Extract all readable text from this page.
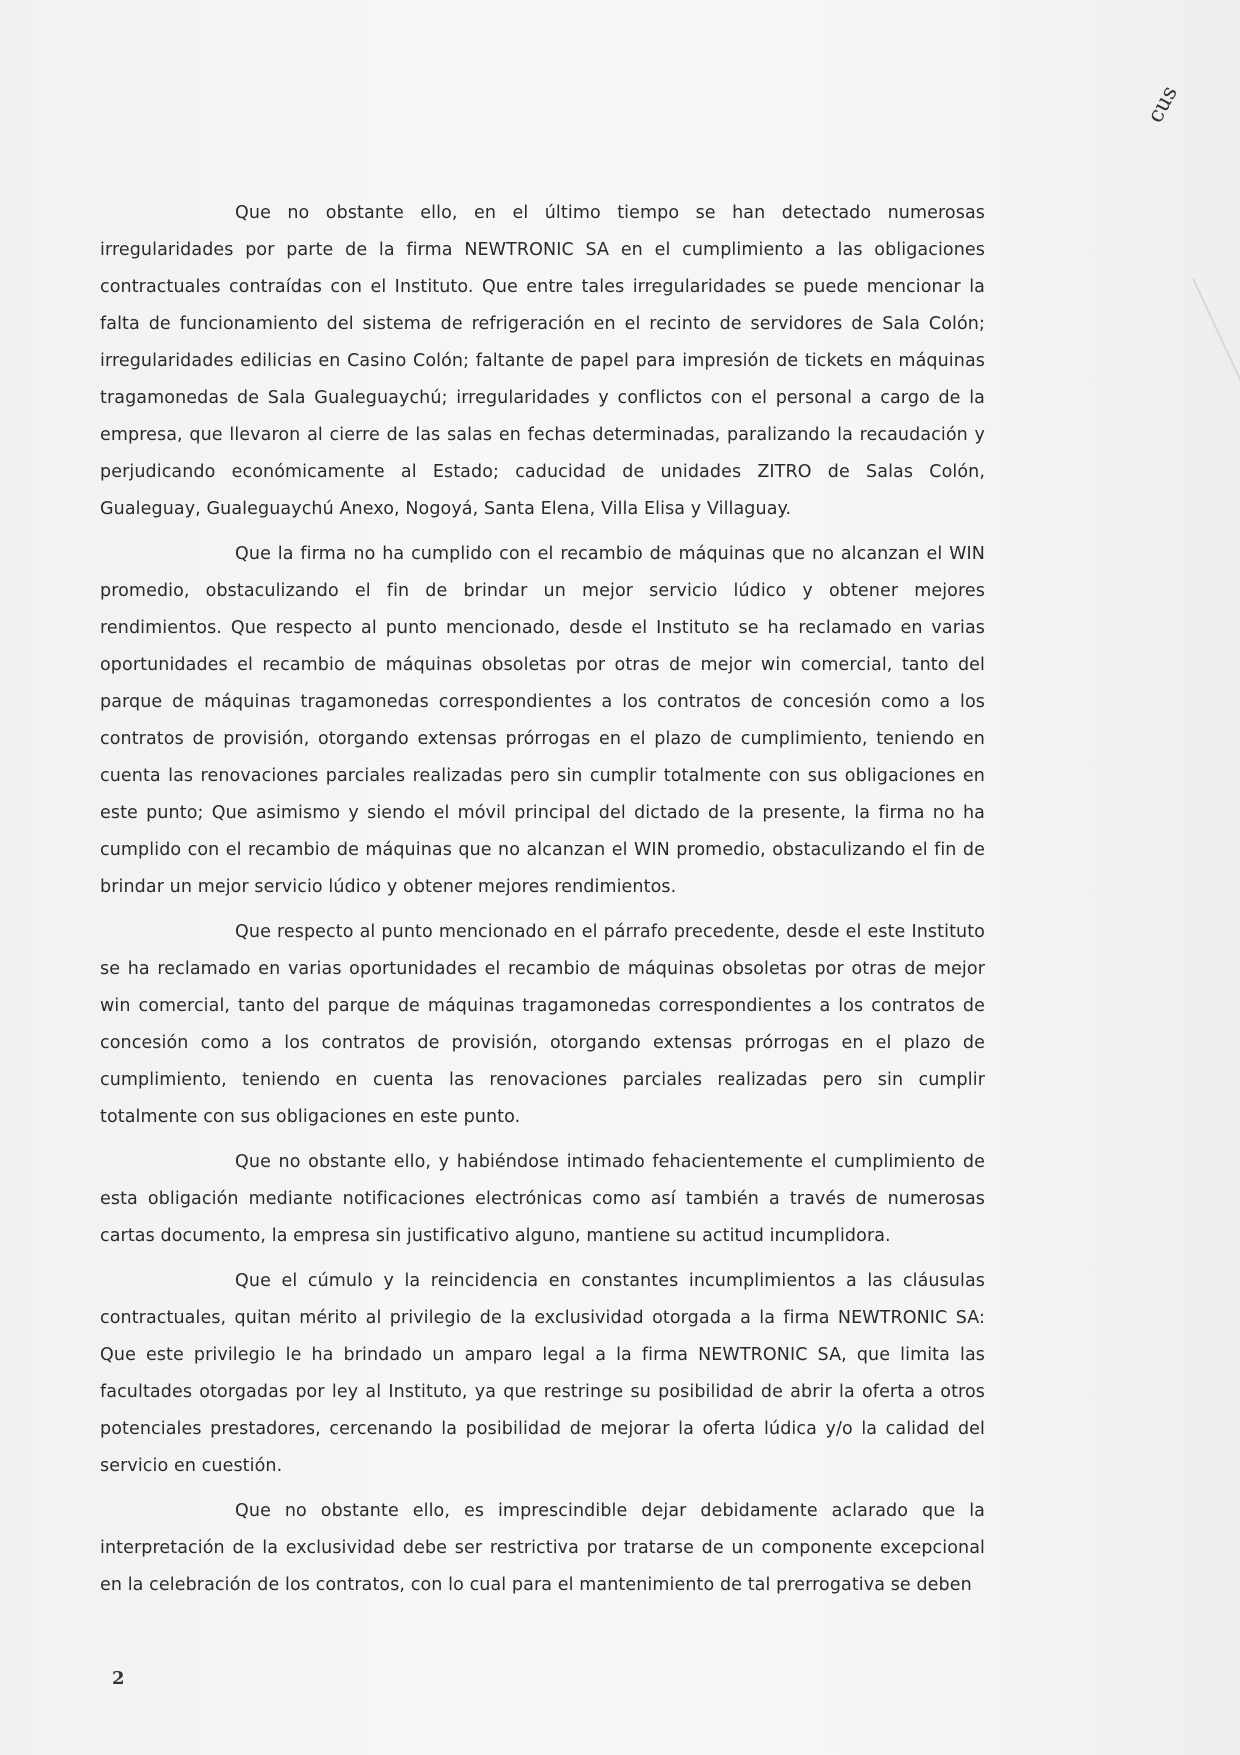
cus

Que no obstante ello, en el último tiempo se han detectado numerosas irregularidades por parte de la firma NEWTRONIC SA en el cumplimiento a las obligaciones contractuales contraídas con el Instituto. Que entre tales irregularidades se puede mencionar la falta de funcionamiento del sistema de refrigeración en el recinto de servidores de Sala Colón; irregularidades edilicias en Casino Colón; faltante de papel para impresión de tickets en máquinas tragamonedas de Sala Gualeguaychú; irregularidades y conflictos con el personal a cargo de la empresa, que llevaron al cierre de las salas en fechas determinadas, paralizando la recaudación y perjudicando económicamente al Estado; caducidad de unidades ZITRO de Salas Colón, Gualeguay, Gualeguaychú Anexo, Nogoyá, Santa Elena, Villa Elisa y Villaguay.

Que la firma no ha cumplido con el recambio de máquinas que no alcanzan el WIN promedio, obstaculizando el fin de brindar un mejor servicio lúdico y obtener mejores rendimientos. Que respecto al punto mencionado, desde el Instituto se ha reclamado en varias oportunidades el recambio de máquinas obsoletas por otras de mejor win comercial, tanto del parque de máquinas tragamonedas correspondientes a los contratos de concesión como a los contratos de provisión, otorgando extensas prórrogas en el plazo de cumplimiento, teniendo en cuenta las renovaciones parciales realizadas pero sin cumplir totalmente con sus obligaciones en este punto; Que asimismo y siendo el móvil principal del dictado de la presente, la firma no ha cumplido con el recambio de máquinas que no alcanzan el WIN promedio, obstaculizando el fin de brindar un mejor servicio lúdico y obtener mejores rendimientos.

Que respecto al punto mencionado en el párrafo precedente, desde el este Instituto se ha reclamado en varias oportunidades el recambio de máquinas obsoletas por otras de mejor win comercial, tanto del parque de máquinas tragamonedas correspondientes a los contratos de concesión como a los contratos de provisión, otorgando extensas prórrogas en el plazo de cumplimiento, teniendo en cuenta las renovaciones parciales realizadas pero sin cumplir totalmente con sus obligaciones en este punto.

Que no obstante ello, y habiéndose intimado fehacientemente el cumplimiento de esta obligación mediante notificaciones electrónicas como así también a través de numerosas cartas documento, la empresa sin justificativo alguno, mantiene su actitud incumplidora.

Que el cúmulo y la reincidencia en constantes incumplimientos a las cláusulas contractuales, quitan mérito al privilegio de la exclusividad otorgada a la firma NEWTRONIC SA: Que este privilegio le ha brindado un amparo legal a la firma NEWTRONIC SA, que limita las facultades otorgadas por ley al Instituto, ya que restringe su posibilidad de abrir la oferta a otros potenciales prestadores, cercenando la posibilidad de mejorar la oferta lúdica y/o la calidad del servicio en cuestión.

Que no obstante ello, es imprescindible dejar debidamente aclarado que la interpretación de la exclusividad debe ser restrictiva por tratarse de un componente excepcional en la celebración de los contratos, con lo cual para el mantenimiento de tal prerrogativa se deben

2
